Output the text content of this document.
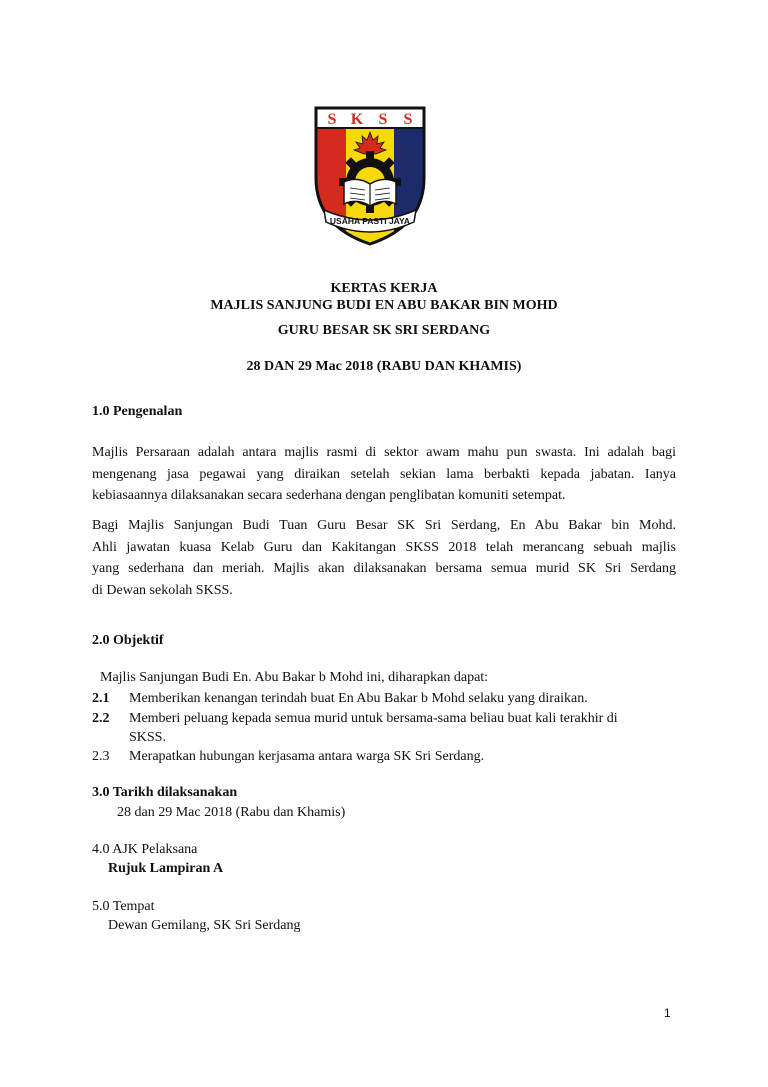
S K S S
USAHA PASTI JAYA
KERTAS KERJA
MAJLIS SANJUNG BUDI EN ABU BAKAR BIN MOHD
GURU BESAR SK SRI SERDANG
28 DAN 29 Mac 2018 (RABU DAN KHAMIS)
1.0 Pengenalan
Majlis Persaraan adalah antara majlis rasmi di sektor awam mahu pun swasta. Ini adalah bagi
mengenang jasa pegawai yang diraikan setelah sekian lama berbakti kepada jabatan. Ianya
kebiasaannya dilaksanakan secara sederhana dengan penglibatan komuniti setempat.
Bagi Majlis Sanjungan Budi Tuan Guru Besar SK Sri Serdang, En Abu Bakar bin Mohd.
Ahli jawatan kuasa Kelab Guru dan Kakitangan SKSS 2018 telah merancang sebuah majlis
yang sederhana dan meriah. Majlis akan dilaksanakan bersama semua murid SK Sri Serdang
di Dewan sekolah SKSS.
2.0 Objektif
Majlis Sanjungan Budi En. Abu Bakar b Mohd ini, diharapkan dapat:
2.1 Memberikan kenangan terindah buat En Abu Bakar b Mohd selaku yang diraikan.
2.2 Memberi peluang kepada semua murid untuk bersama-sama beliau buat kali terakhir di
SKSS.
2.3 Merapatkan hubungan kerjasama antara warga SK Sri Serdang.
3.0 Tarikh dilaksanakan
28 dan 29 Mac 2018 (Rabu dan Khamis)
4.0 AJK Pelaksana
Rujuk Lampiran A
5.0 Tempat
Dewan Gemilang, SK Sri Serdang
1
